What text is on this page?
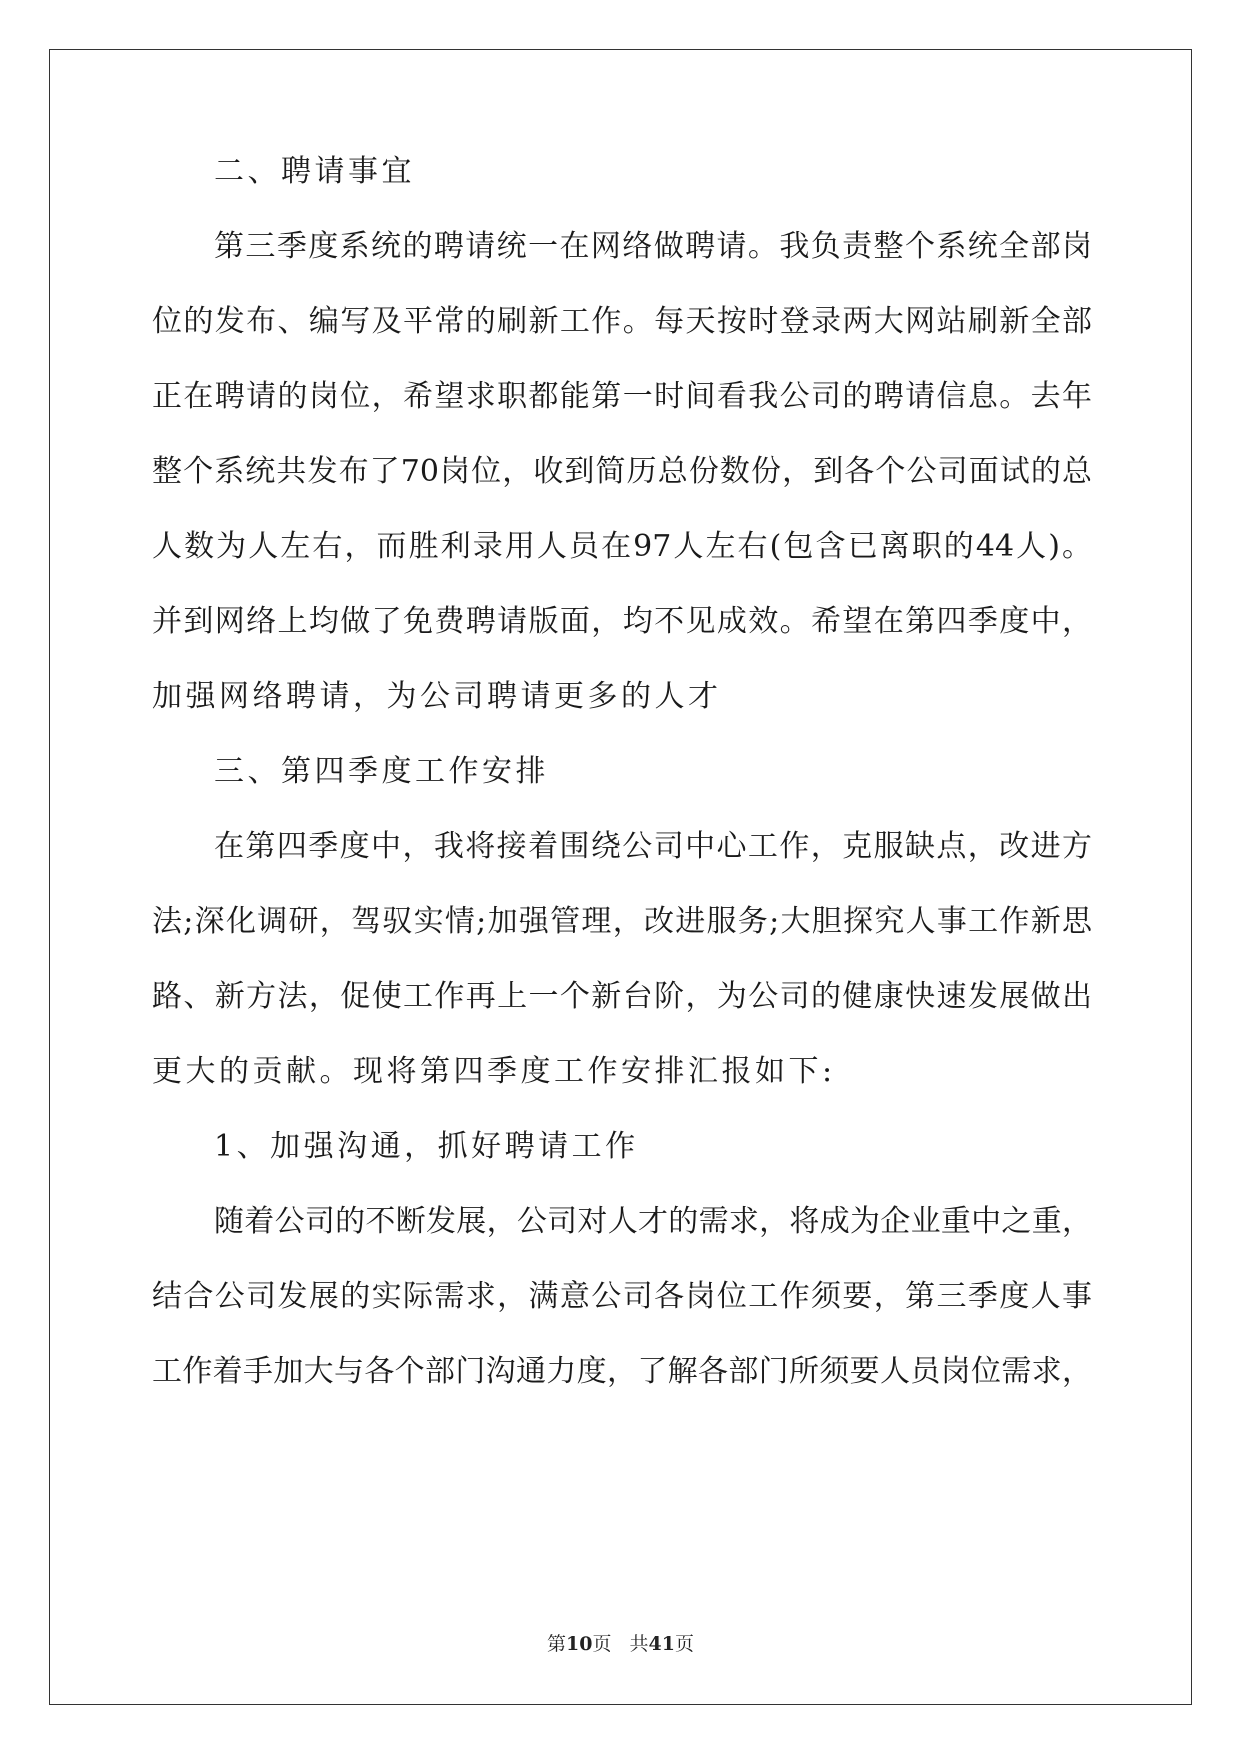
二、聘请事宜
第三季度系统的聘请统一在网络做聘请。我负责整个系统全部岗
位的发布、编写及平常的刷新工作。每天按时登录两大网站刷新全部
正在聘请的岗位，希望求职都能第一时间看我公司的聘请信息。去年
整个系统共发布了70岗位，收到简历总份数份，到各个公司面试的总
人数为人左右，而胜利录用人员在97人左右(包含已离职的44人)。
并到网络上均做了免费聘请版面，均不见成效。希望在第四季度中，
加强网络聘请，为公司聘请更多的人才
三、第四季度工作安排
在第四季度中，我将接着围绕公司中心工作，克服缺点，改进方
法;深化调研，驾驭实情;加强管理，改进服务;大胆探究人事工作新思
路、新方法，促使工作再上一个新台阶，为公司的健康快速发展做出
更大的贡献。现将第四季度工作安排汇报如下:
1、加强沟通，抓好聘请工作
随着公司的不断发展，公司对人才的需求，将成为企业重中之重，
结合公司发展的实际需求，满意公司各岗位工作须要，第三季度人事
工作着手加大与各个部门沟通力度，了解各部门所须要人员岗位需求，
第10页 共41页
